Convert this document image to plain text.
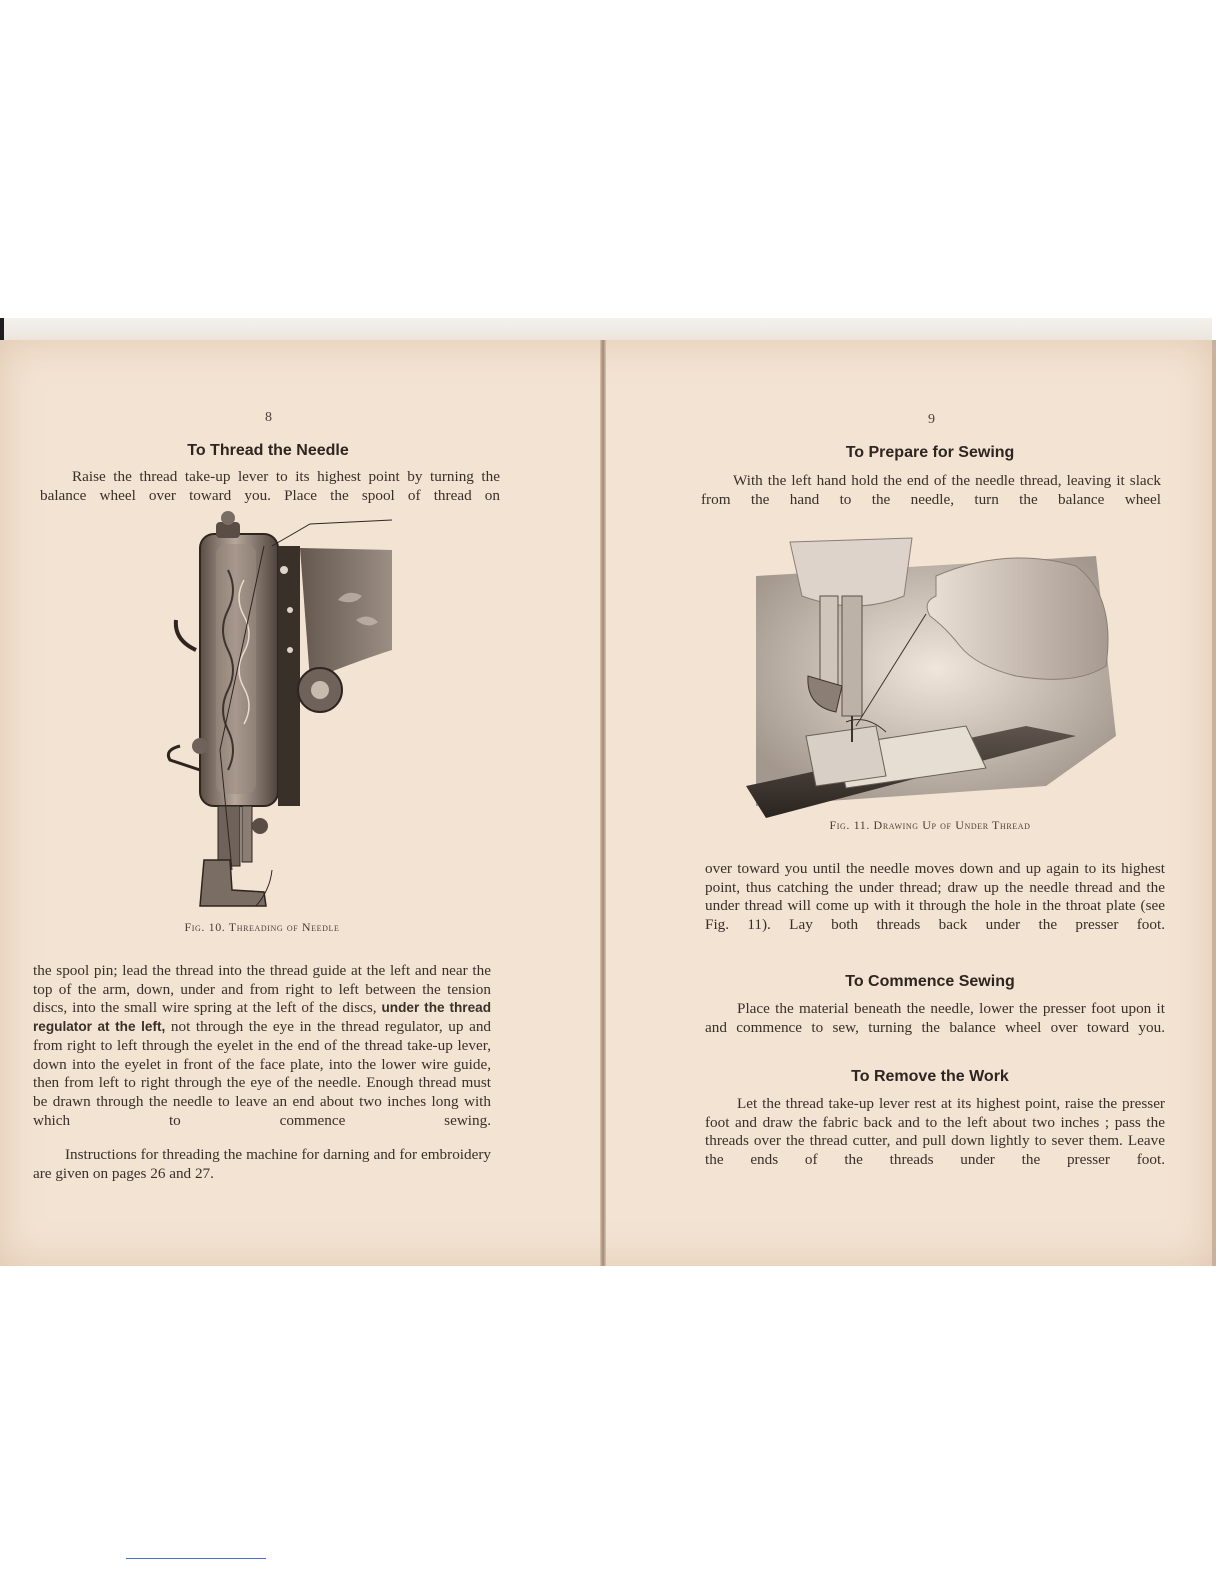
8
To Thread the Needle

Raise the thread take-up lever to its highest point by turning the balance wheel over toward you. Place the spool of thread on

Fig. 10. Threading of Needle

the spool pin; lead the thread into the thread guide at the left and near the top of the arm, down, under and from right to left between the tension discs, into the small wire spring at the left of the discs, under the thread regulator at the left, not through the eye in the thread regulator, up and from right to left through the eyelet in the end of the thread take-up lever, down into the eyelet in front of the face plate, into the lower wire guide, then from left to right through the eye of the needle. Enough thread must be drawn through the needle to leave an end about two inches long with which to commence sewing.

Instructions for threading the machine for darning and for embroidery are given on pages 26 and 27.

9
To Prepare for Sewing

With the left hand hold the end of the needle thread, leaving it slack from the hand to the needle, turn the balance wheel

Fig. 11. Drawing Up of Under Thread

over toward you until the needle moves down and up again to its highest point, thus catching the under thread; draw up the needle thread and the under thread will come up with it through the hole in the throat plate (see Fig. 11). Lay both threads back under the presser foot.

To Commence Sewing

Place the material beneath the needle, lower the presser foot upon it and commence to sew, turning the balance wheel over toward you.

To Remove the Work

Let the thread take-up lever rest at its highest point, raise the presser foot and draw the fabric back and to the left about two inches ; pass the threads over the thread cutter, and pull down lightly to sever them. Leave the ends of the threads under the presser foot.
